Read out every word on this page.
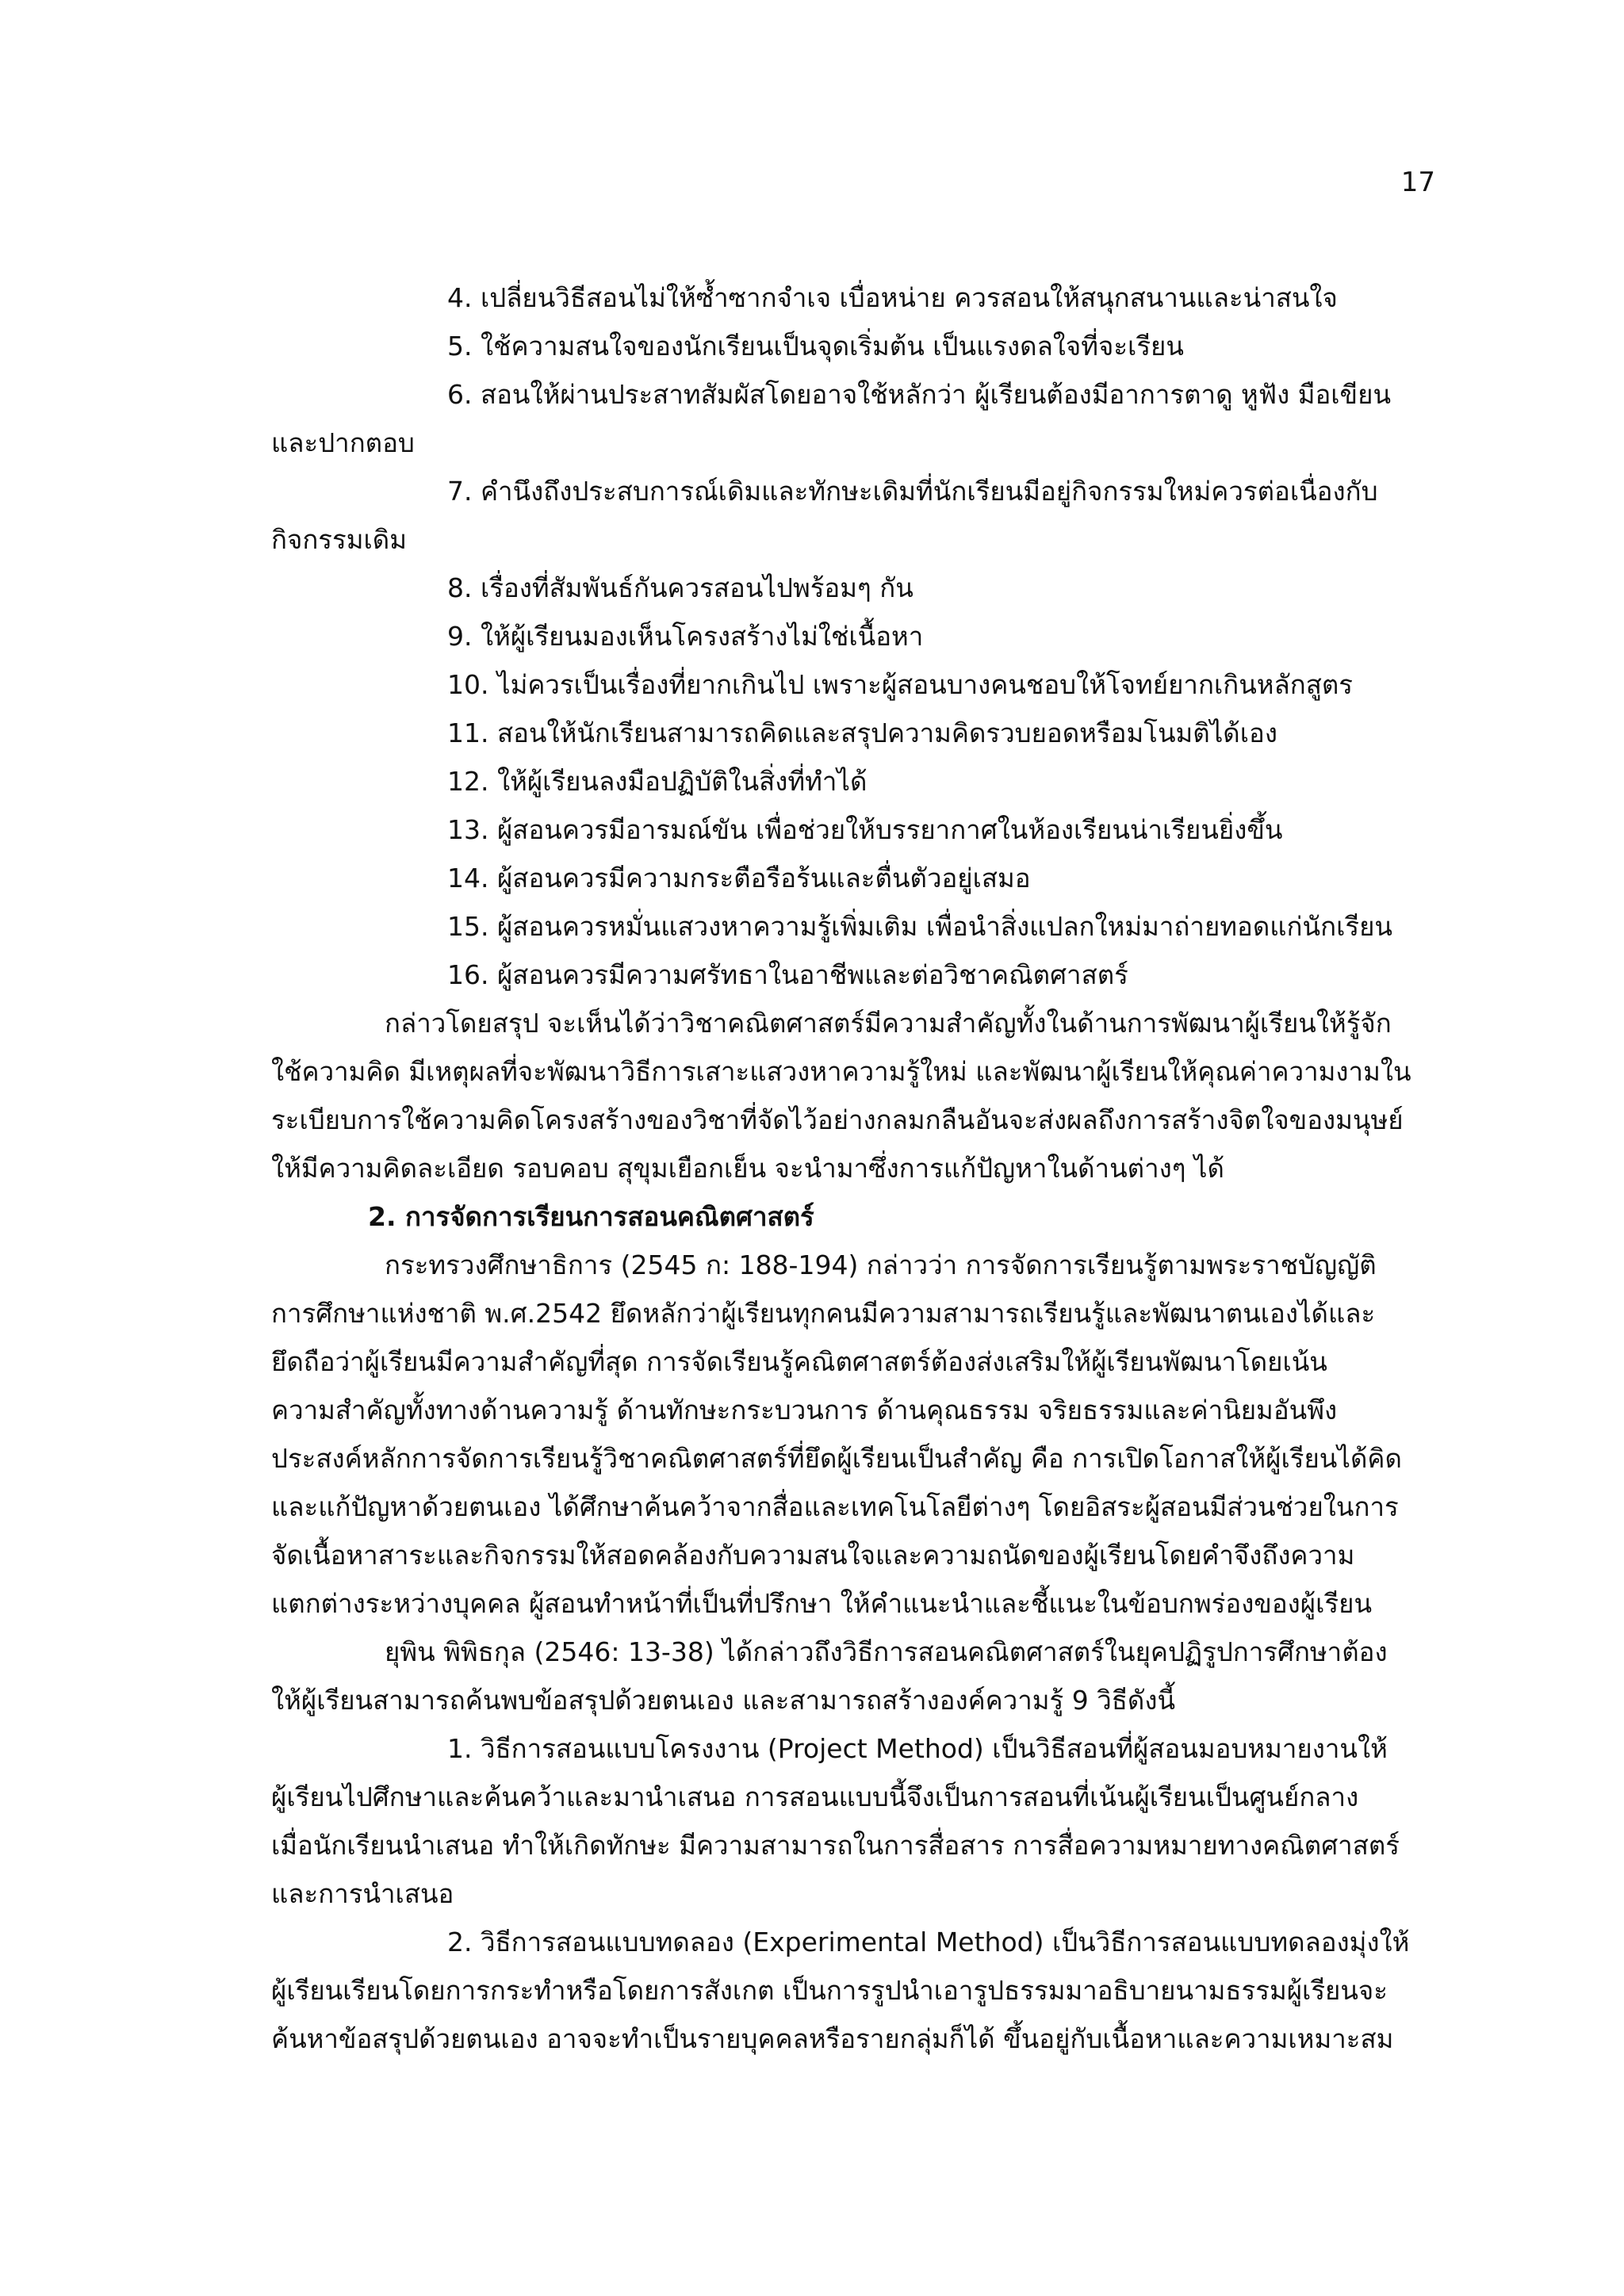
17
4. เปลี่ยนวิธีสอนไม่ให้ซ้ำซากจำเจ เบื่อหน่าย ควรสอนให้สนุกสนานและน่าสนใจ
5. ใช้ความสนใจของนักเรียนเป็นจุดเริ่มต้น เป็นแรงดลใจที่จะเรียน
6. สอนให้ผ่านประสาทสัมผัสโดยอาจใช้หลักว่า ผู้เรียนต้องมีอาการตาดู หูฟัง มือเขียน
และปากตอบ
7. คำนึงถึงประสบการณ์เดิมและทักษะเดิมที่นักเรียนมีอยู่กิจกรรมใหม่ควรต่อเนื่องกับ
กิจกรรมเดิม
8. เรื่องที่สัมพันธ์กันควรสอนไปพร้อมๆ กัน
9. ให้ผู้เรียนมองเห็นโครงสร้างไม่ใช่เนื้อหา
10. ไม่ควรเป็นเรื่องที่ยากเกินไป เพราะผู้สอนบางคนชอบให้โจทย์ยากเกินหลักสูตร
11. สอนให้นักเรียนสามารถคิดและสรุปความคิดรวบยอดหรือมโนมติได้เอง
12. ให้ผู้เรียนลงมือปฏิบัติในสิ่งที่ทำได้
13. ผู้สอนควรมีอารมณ์ขัน เพื่อช่วยให้บรรยากาศในห้องเรียนน่าเรียนยิ่งขึ้น
14. ผู้สอนควรมีความกระตือรือร้นและตื่นตัวอยู่เสมอ
15. ผู้สอนควรหมั่นแสวงหาความรู้เพิ่มเติม เพื่อนำสิ่งแปลกใหม่มาถ่ายทอดแก่นักเรียน
16. ผู้สอนควรมีความศรัทธาในอาชีพและต่อวิชาคณิตศาสตร์
กล่าวโดยสรุป จะเห็นได้ว่าวิชาคณิตศาสตร์มีความสำคัญทั้งในด้านการพัฒนาผู้เรียนให้รู้จัก
ใช้ความคิด มีเหตุผลที่จะพัฒนาวิธีการเสาะแสวงหาความรู้ใหม่ และพัฒนาผู้เรียนให้คุณค่าความงามใน
ระเบียบการใช้ความคิดโครงสร้างของวิชาที่จัดไว้อย่างกลมกลืนอันจะส่งผลถึงการสร้างจิตใจของมนุษย์
ให้มีความคิดละเอียด รอบคอบ สุขุมเยือกเย็น จะนำมาซึ่งการแก้ปัญหาในด้านต่างๆ ได้
2. การจัดการเรียนการสอนคณิตศาสตร์
กระทรวงศึกษาธิการ (2545 ก: 188-194) กล่าวว่า การจัดการเรียนรู้ตามพระราชบัญญัติ
การศึกษาแห่งชาติ พ.ศ.2542 ยึดหลักว่าผู้เรียนทุกคนมีความสามารถเรียนรู้และพัฒนาตนเองได้และ
ยึดถือว่าผู้เรียนมีความสำคัญที่สุด การจัดเรียนรู้คณิตศาสตร์ต้องส่งเสริมให้ผู้เรียนพัฒนาโดยเน้น
ความสำคัญทั้งทางด้านความรู้ ด้านทักษะกระบวนการ ด้านคุณธรรม จริยธรรมและค่านิยมอันพึง
ประสงค์หลักการจัดการเรียนรู้วิชาคณิตศาสตร์ที่ยึดผู้เรียนเป็นสำคัญ คือ การเปิดโอกาสให้ผู้เรียนได้คิด
และแก้ปัญหาด้วยตนเอง ได้ศึกษาค้นคว้าจากสื่อและเทคโนโลยีต่างๆ โดยอิสระผู้สอนมีส่วนช่วยในการ
จัดเนื้อหาสาระและกิจกรรมให้สอดคล้องกับความสนใจและความถนัดของผู้เรียนโดยคำจึงถึงความ
แตกต่างระหว่างบุคคล ผู้สอนทำหน้าที่เป็นที่ปรึกษา ให้คำแนะนำและชี้แนะในข้อบกพร่องของผู้เรียน
ยุพิน พิพิธกุล (2546: 13-38) ได้กล่าวถึงวิธีการสอนคณิตศาสตร์ในยุคปฏิรูปการศึกษาต้อง
ให้ผู้เรียนสามารถค้นพบข้อสรุปด้วยตนเอง และสามารถสร้างองค์ความรู้ 9 วิธีดังนี้
1. วิธีการสอนแบบโครงงาน (Project Method) เป็นวิธีสอนที่ผู้สอนมอบหมายงานให้
ผู้เรียนไปศึกษาและค้นคว้าและมานำเสนอ การสอนแบบนี้จึงเป็นการสอนที่เน้นผู้เรียนเป็นศูนย์กลาง
เมื่อนักเรียนนำเสนอ ทำให้เกิดทักษะ มีความสามารถในการสื่อสาร การสื่อความหมายทางคณิตศาสตร์
และการนำเสนอ
2. วิธีการสอนแบบทดลอง (Experimental Method) เป็นวิธีการสอนแบบทดลองมุ่งให้
ผู้เรียนเรียนโดยการกระทำหรือโดยการสังเกต เป็นการรูปนำเอารูปธรรมมาอธิบายนามธรรมผู้เรียนจะ
ค้นหาข้อสรุปด้วยตนเอง อาจจะทำเป็นรายบุคคลหรือรายกลุ่มก็ได้ ขึ้นอยู่กับเนื้อหาและความเหมาะสม
